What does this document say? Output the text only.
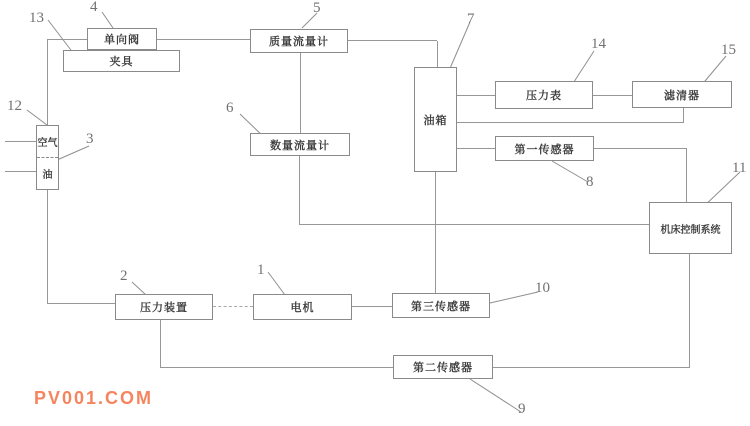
单向阀
夹具
空气
油
质量流量计
数量流量计
油箱
压力表	滤清器
第一传感器
机床控制系统
压力装置	电机	第三传感器
第二传感器
1
2
3
4	5
6
7
8
9
10
11
12
13
14	15
PV001.COM
